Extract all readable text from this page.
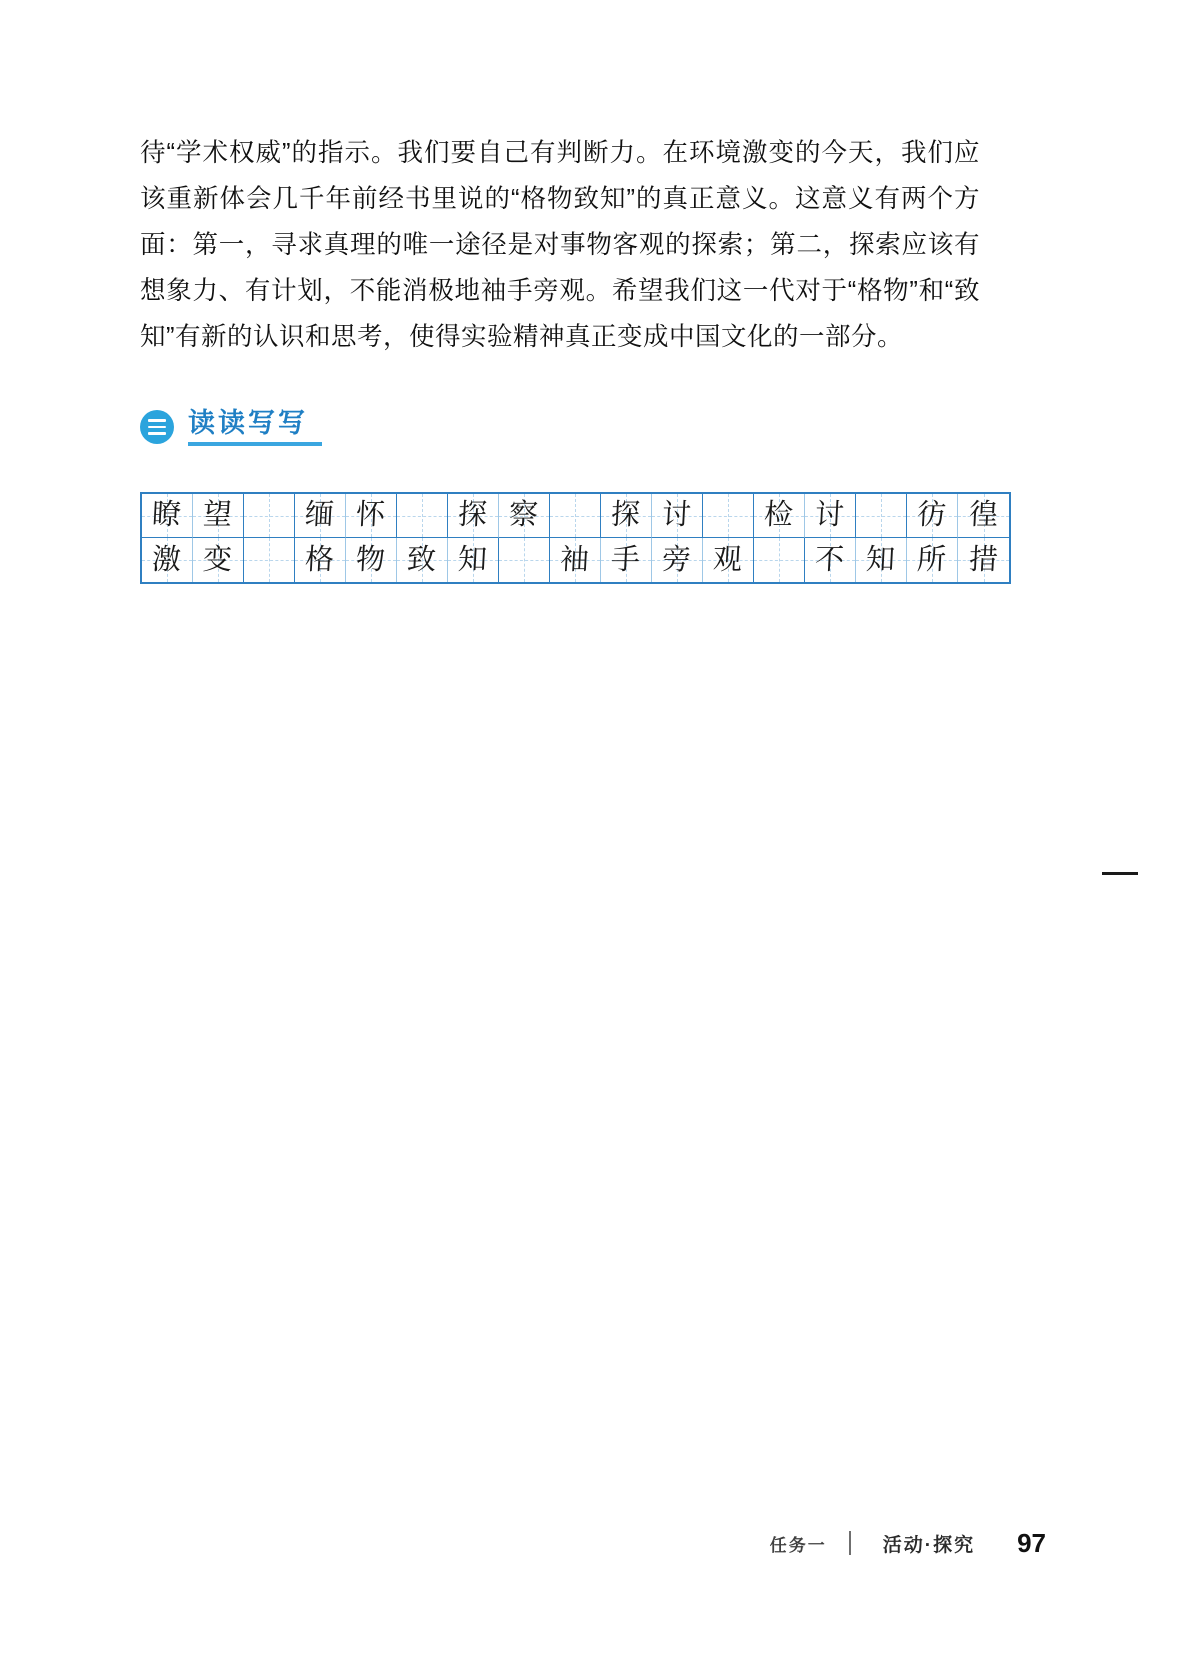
待“学术权威”的指示。我们要自己有判断力。在环境激变的今天，我们应该重新体会几千年前经书里说的“格物致知”的真正意义。这意义有两个方面：第一，寻求真理的唯一途径是对事物客观的探索；第二，探索应该有想象力、有计划，不能消极地袖手旁观。希望我们这一代对于“格物”和“致知”有新的认识和思考，使得实验精神真正变成中国文化的一部分。
读读写写
瞭 望 缅 怀 探 察 探 讨 检 讨 彷 徨
激 变 格 物 致 知 袖 手 旁 观 不 知 所 措
任务一	活动·探究 97
